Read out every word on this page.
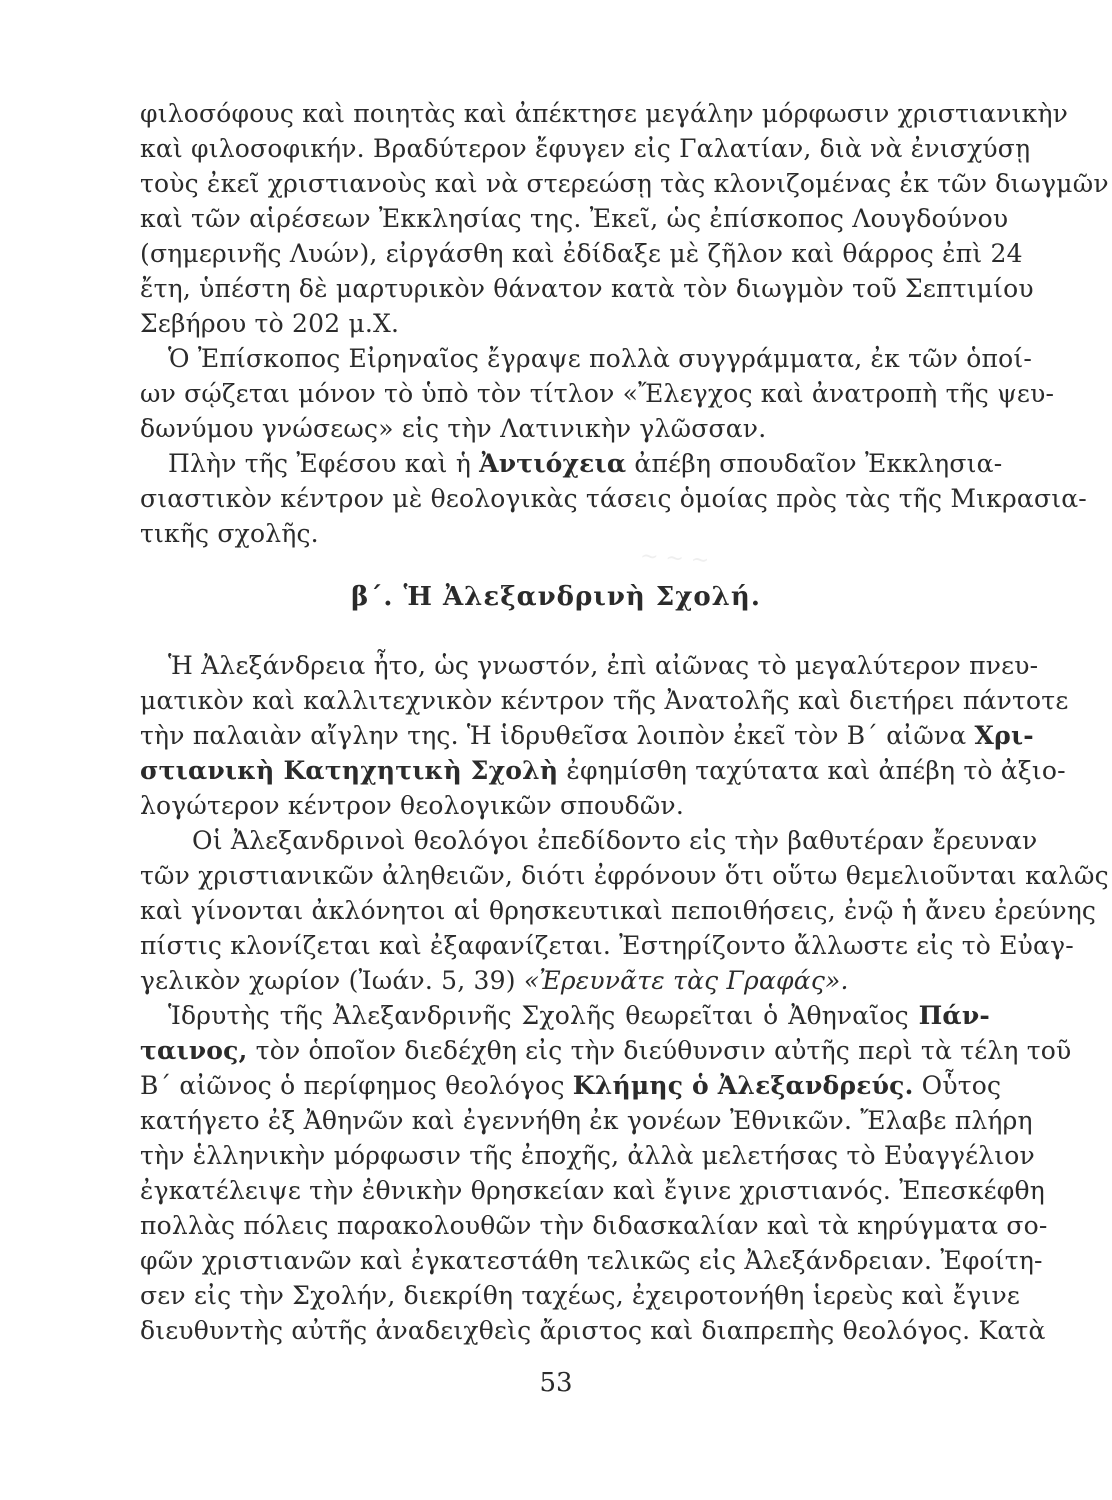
φιλοσόφους καὶ ποιητὰς καὶ ἀπέκτησε μεγάλην μόρφωσιν χριστιανικὴν
καὶ φιλοσοφικήν. Βραδύτερον ἔφυγεν εἰς Γαλατίαν, διὰ νὰ ἐνισχύσῃ
τοὺς ἐκεῖ χριστιανοὺς καὶ νὰ στερεώσῃ τὰς κλονιζομένας ἐκ τῶν διωγμῶν
καὶ τῶν αἱρέσεων Ἐκκλησίας της. Ἐκεῖ, ὡς ἐπίσκοπος Λουγδούνου
(σημερινῆς Λυών), εἰργάσθη καὶ ἐδίδαξε μὲ ζῆλον καὶ θάρρος ἐπὶ 24
ἔτη, ὑπέστη δὲ μαρτυρικὸν θάνατον κατὰ τὸν διωγμὸν τοῦ Σεπτιμίου
Σεβήρου τὸ 202 μ.Χ.
Ὁ Ἐπίσκοπος Εἰρηναῖος ἔγραψε πολλὰ συγγράμματα, ἐκ τῶν ὁποί-
ων σῴζεται μόνον τὸ ὑπὸ τὸν τίτλον «Ἔλεγχος καὶ ἀνατροπὴ τῆς ψευ-
δωνύμου γνώσεως» εἰς τὴν Λατινικὴν γλῶσσαν.
Πλὴν τῆς Ἐφέσου καὶ ἡ Ἀντιόχεια ἀπέβη σπουδαῖον Ἐκκλησια-
σιαστικὸν κέντρον μὲ θεολογικὰς τάσεις ὁμοίας πρὸς τὰς τῆς Μικρασια-
τικῆς σχολῆς.
~ ~ ~
β΄. Ἡ Ἀλεξανδρινὴ Σχολή.
Ἡ Ἀλεξάνδρεια ἦτο, ὡς γνωστόν, ἐπὶ αἰῶνας τὸ μεγαλύτερον πνευ-
ματικὸν καὶ καλλιτεχνικὸν κέντρον τῆς Ἀνατολῆς καὶ διετήρει πάντοτε
τὴν παλαιὰν αἴγλην της. Ἡ ἱδρυθεῖσα λοιπὸν ἐκεῖ τὸν Β΄ αἰῶνα Χρι-
στιανικὴ Κατηχητικὴ Σχολὴ ἐφημίσθη ταχύτατα καὶ ἀπέβη τὸ ἀξιο-
λογώτερον κέντρον θεολογικῶν σπουδῶν.
Οἱ Ἀλεξανδρινοὶ θεολόγοι ἐπεδίδοντο εἰς τὴν βαθυτέραν ἔρευναν
τῶν χριστιανικῶν ἀληθειῶν, διότι ἐφρόνουν ὅτι οὕτω θεμελιοῦνται καλῶς
καὶ γίνονται ἀκλόνητοι αἱ θρησκευτικαὶ πεποιθήσεις, ἐνῷ ἡ ἄνευ ἐρεύνης
πίστις κλονίζεται καὶ ἐξαφανίζεται. Ἐστηρίζοντο ἄλλωστε εἰς τὸ Εὐαγ-
γελικὸν χωρίον (Ἰωάν. 5, 39) «Ἐρευνᾶτε τὰς Γραφάς».
Ἱδρυτὴς τῆς Ἀλεξανδρινῆς Σχολῆς θεωρεῖται ὁ Ἀθηναῖος Πάν-
ταινος, τὸν ὁποῖον διεδέχθη εἰς τὴν διεύθυνσιν αὐτῆς περὶ τὰ τέλη τοῦ
Β΄ αἰῶνος ὁ περίφημος θεολόγος Κλήμης ὁ Ἀλεξανδρεύς. Οὗτος
κατήγετο ἐξ Ἀθηνῶν καὶ ἐγεννήθη ἐκ γονέων Ἐθνικῶν. Ἔλαβε πλήρη
τὴν ἑλληνικὴν μόρφωσιν τῆς ἐποχῆς, ἀλλὰ μελετήσας τὸ Εὐαγγέλιον
ἐγκατέλειψε τὴν ἐθνικὴν θρησκείαν καὶ ἔγινε χριστιανός. Ἐπεσκέφθη
πολλὰς πόλεις παρακολουθῶν τὴν διδασκαλίαν καὶ τὰ κηρύγματα σο-
φῶν χριστιανῶν καὶ ἐγκατεστάθη τελικῶς εἰς Ἀλεξάνδρειαν. Ἐφοίτη-
σεν εἰς τὴν Σχολήν, διεκρίθη ταχέως, ἐχειροτονήθη ἱερεὺς καὶ ἔγινε
διευθυντὴς αὐτῆς ἀναδειχθεὶς ἄριστος καὶ διαπρεπὴς θεολόγος. Κατὰ
53
